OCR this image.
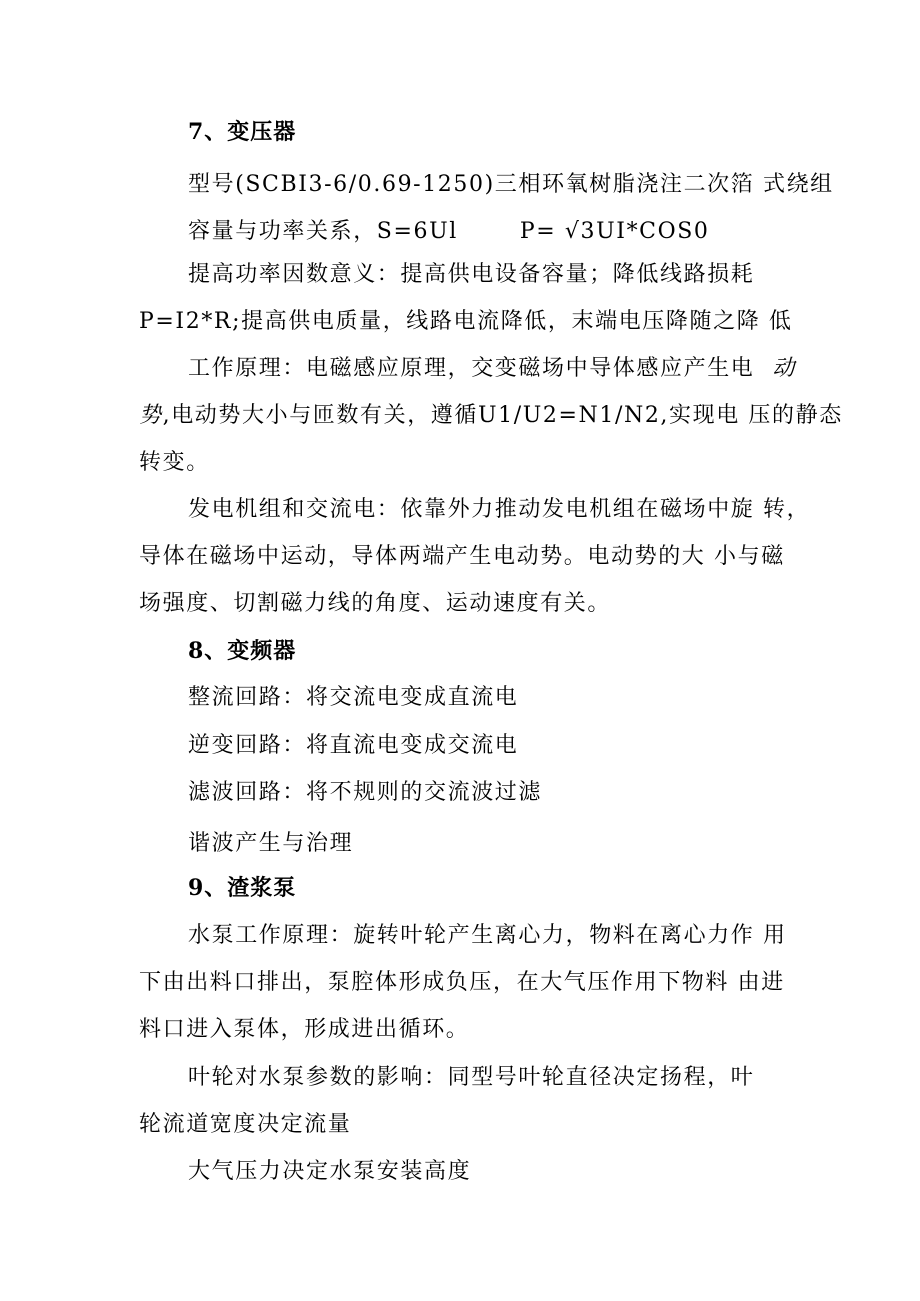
7、变压器
型号(SCBI3-6/0.69-1250)三相环氧树脂浇注二次箔 式绕组
容量与功率关系，S=6Ul	P= √3UI*COS0
提高功率因数意义：提高供电设备容量；降低线路损耗
P=I2*R;提高供电质量，线路电流降低，末端电压降随之降 低
工作原理：电磁感应原理，交变磁场中导体感应产生电 动
势,电动势大小与匝数有关，遵循U1/U2=N1/N2,实现电 压的静态
转变。
发电机组和交流电：依靠外力推动发电机组在磁场中旋 转，
导体在磁场中运动，导体两端产生电动势。电动势的大 小与磁
场强度、切割磁力线的角度、运动速度有关。
8、变频器
整流回路：将交流电变成直流电
逆变回路：将直流电变成交流电
滤波回路：将不规则的交流波过滤
谐波产生与治理
9、渣浆泵
水泵工作原理：旋转叶轮产生离心力，物料在离心力作 用
下由出料口排出，泵腔体形成负压，在大气压作用下物料 由进
料口进入泵体，形成进出循环。
叶轮对水泵参数的影响：同型号叶轮直径决定扬程，叶
轮流道宽度决定流量
大气压力决定水泵安装高度
